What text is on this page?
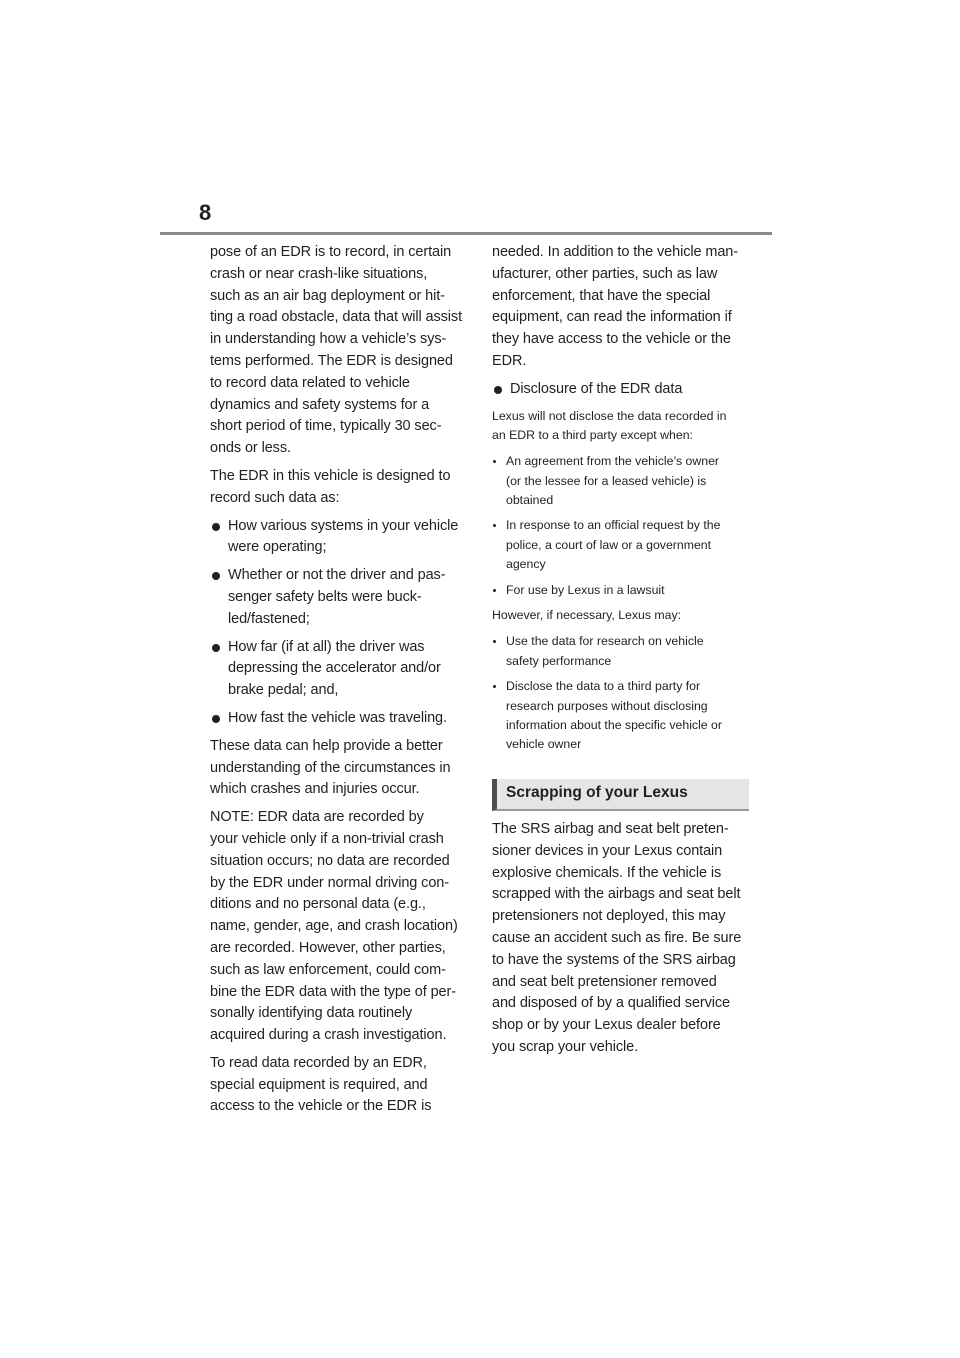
8
pose of an EDR is to record, in certain
crash or near crash-like situations,
such as an air bag deployment or hit-
ting a road obstacle, data that will assist
in understanding how a vehicle’s sys-
tems performed. The EDR is designed
to record data related to vehicle
dynamics and safety systems for a
short period of time, typically 30 sec-
onds or less.
The EDR in this vehicle is designed to
record such data as:
How various systems in your vehicle
were operating;
Whether or not the driver and pas-
senger safety belts were buck-
led/fastened;
How far (if at all) the driver was
depressing the accelerator and/or
brake pedal; and,
How fast the vehicle was traveling.
These data can help provide a better
understanding of the circumstances in
which crashes and injuries occur.
NOTE: EDR data are recorded by
your vehicle only if a non-trivial crash
situation occurs; no data are recorded
by the EDR under normal driving con-
ditions and no personal data (e.g.,
name, gender, age, and crash location)
are recorded. However, other parties,
such as law enforcement, could com-
bine the EDR data with the type of per-
sonally identifying data routinely
acquired during a crash investigation.
To read data recorded by an EDR,
special equipment is required, and
access to the vehicle or the EDR is
needed. In addition to the vehicle man-
ufacturer, other parties, such as law
enforcement, that have the special
equipment, can read the information if
they have access to the vehicle or the
EDR.
Disclosure of the EDR data
Lexus will not disclose the data recorded in
an EDR to a third party except when:
An agreement from the vehicle’s owner
(or the lessee for a leased vehicle) is
obtained
In response to an official request by the
police, a court of law or a government
agency
For use by Lexus in a lawsuit
However, if necessary, Lexus may:
Use the data for research on vehicle
safety performance
Disclose the data to a third party for
research purposes without disclosing
information about the specific vehicle or
vehicle owner
Scrapping of your Lexus
The SRS airbag and seat belt preten-
sioner devices in your Lexus contain
explosive chemicals. If the vehicle is
scrapped with the airbags and seat belt
pretensioners not deployed, this may
cause an accident such as fire. Be sure
to have the systems of the SRS airbag
and seat belt pretensioner removed
and disposed of by a qualified service
shop or by your Lexus dealer before
you scrap your vehicle.
